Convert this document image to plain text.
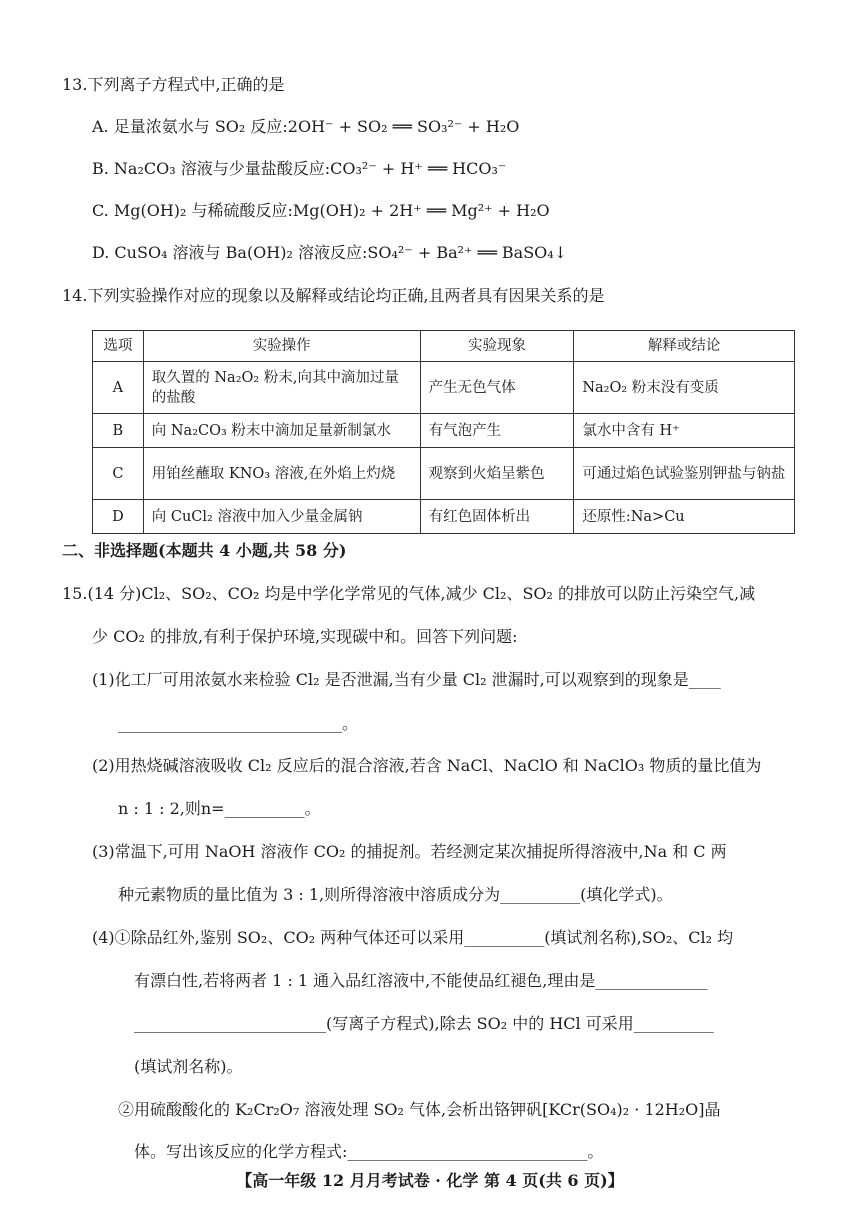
13.下列离子方程式中,正确的是
A. 足量浓氨水与 SO₂ 反应:2OH⁻ + SO₂ ══ SO₃²⁻ + H₂O
B. Na₂CO₃ 溶液与少量盐酸反应:CO₃²⁻ + H⁺ ══ HCO₃⁻
C. Mg(OH)₂ 与稀硫酸反应:Mg(OH)₂ + 2H⁺ ══ Mg²⁺ + H₂O
D. CuSO₄ 溶液与 Ba(OH)₂ 溶液反应:SO₄²⁻ + Ba²⁺ ══ BaSO₄↓
14.下列实验操作对应的现象以及解释或结论均正确,且两者具有因果关系的是
选项	实验操作	实验现象	解释或结论
A	取久置的 Na₂O₂ 粉末,向其中滴加过量的盐酸	产生无色气体	Na₂O₂ 粉末没有变质
B	向 Na₂CO₃ 粉末中滴加足量新制氯水	有气泡产生	氯水中含有 H⁺
C	用铂丝蘸取 KNO₃ 溶液,在外焰上灼烧	观察到火焰呈紫色	可通过焰色试验鉴别钾盐与钠盐
D	向 CuCl₂ 溶液中加入少量金属钠	有红色固体析出	还原性:Na>Cu
二、非选择题(本题共 4 小题,共 58 分)
15.(14 分)Cl₂、SO₂、CO₂ 均是中学化学常见的气体,减少 Cl₂、SO₂ 的排放可以防止污染空气,减
少 CO₂ 的排放,有利于保护环境,实现碳中和。回答下列问题:
(1)化工厂可用浓氨水来检验 Cl₂ 是否泄漏,当有少量 Cl₂ 泄漏时,可以观察到的现象是____
____________________________。
(2)用热烧碱溶液吸收 Cl₂ 反应后的混合溶液,若含 NaCl、NaClO 和 NaClO₃ 物质的量比值为
n : 1 : 2,则n=__________。
(3)常温下,可用 NaOH 溶液作 CO₂ 的捕捉剂。若经测定某次捕捉所得溶液中,Na 和 C 两
种元素物质的量比值为 3 : 1,则所得溶液中溶质成分为__________(填化学式)。
(4)①除品红外,鉴别 SO₂、CO₂ 两种气体还可以采用__________(填试剂名称),SO₂、Cl₂ 均
有漂白性,若将两者 1 : 1 通入品红溶液中,不能使品红褪色,理由是______________
________________________(写离子方程式),除去 SO₂ 中的 HCl 可采用__________
(填试剂名称)。
②用硫酸酸化的 K₂Cr₂O₇ 溶液处理 SO₂ 气体,会析出铬钾矾[KCr(SO₄)₂ · 12H₂O]晶
体。写出该反应的化学方程式:______________________________。
【高一年级 12 月月考试卷 · 化学 第 4 页(共 6 页)】
